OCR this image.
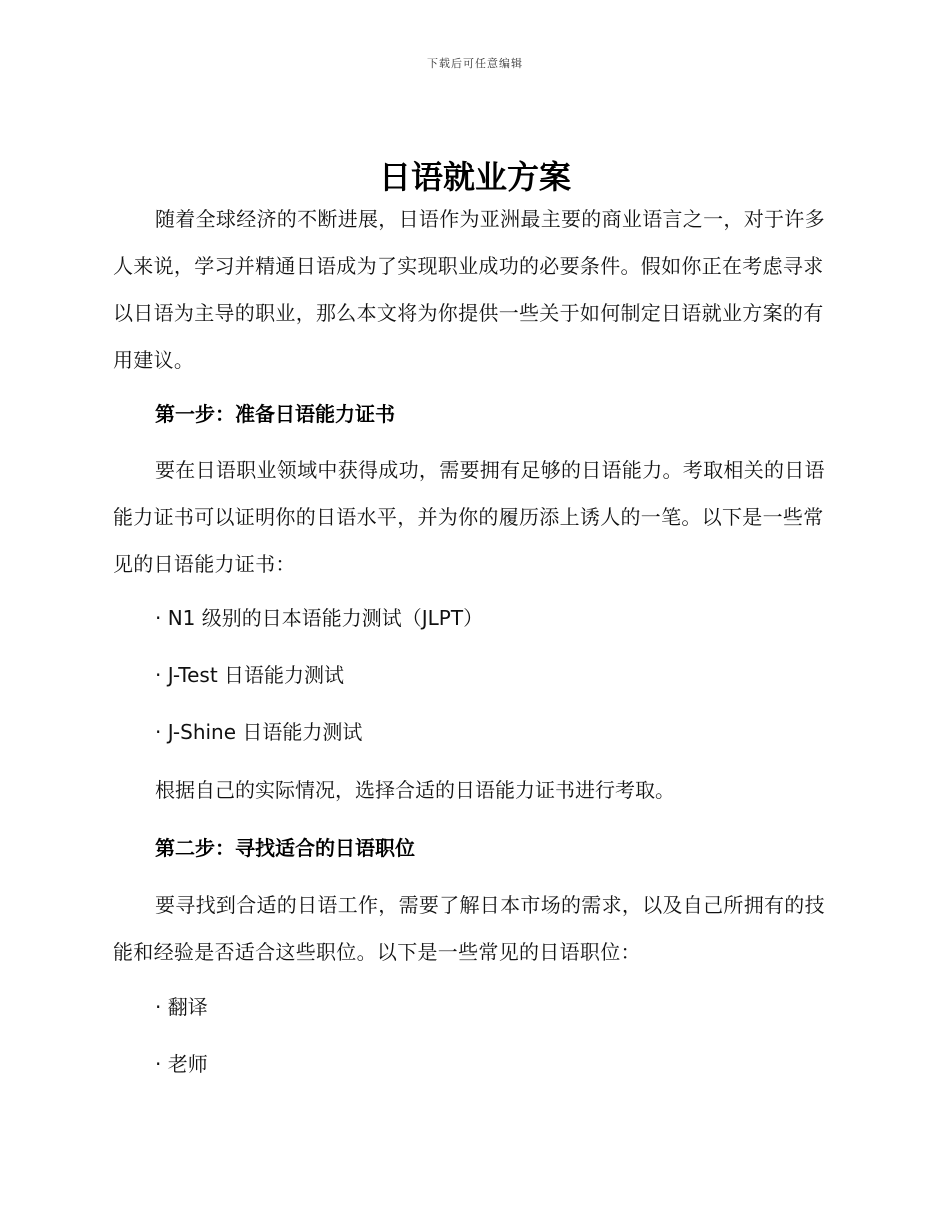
下载后可任意编辑
日语就业方案

随着全球经济的不断进展，日语作为亚洲最主要的商业语言之一，对于许多人来说，学习并精通日语成为了实现职业成功的必要条件。假如你正在考虑寻求以日语为主导的职业，那么本文将为你提供一些关于如何制定日语就业方案的有用建议。

第一步：准备日语能力证书

要在日语职业领域中获得成功，需要拥有足够的日语能力。考取相关的日语能力证书可以证明你的日语水平，并为你的履历添上诱人的一笔。以下是一些常见的日语能力证书：

· N1 级别的日本语能力测试（JLPT）

· J-Test 日语能力测试

· J-Shine 日语能力测试

根据自己的实际情况，选择合适的日语能力证书进行考取。

第二步：寻找适合的日语职位

要寻找到合适的日语工作，需要了解日本市场的需求，以及自己所拥有的技能和经验是否适合这些职位。以下是一些常见的日语职位：

· 翻译

· 老师
